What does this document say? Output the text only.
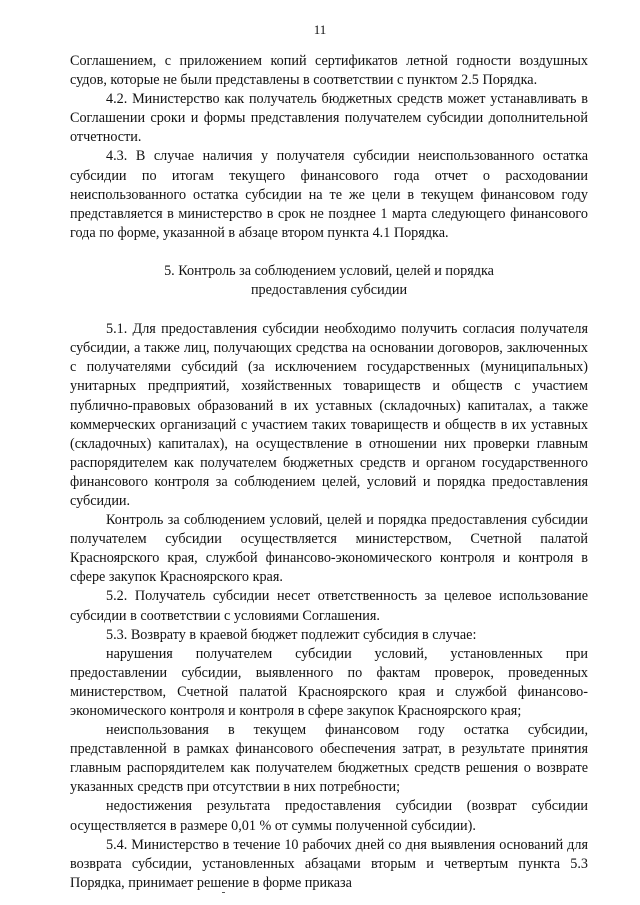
11

Соглашением, с приложением копий сертификатов летной годности воздушных судов, которые не были представлены в соответствии с пунктом 2.5 Порядка.

4.2. Министерство как получатель бюджетных средств может устанавливать в Соглашении сроки и формы представления получателем субсидии дополнительной отчетности.

4.3. В случае наличия у получателя субсидии неиспользованного остатка субсидии по итогам текущего финансового года отчет о расходовании неиспользованного остатка субсидии на те же цели в текущем финансовом году представляется в министерство в срок не позднее 1 марта следующего финансового года по форме, указанной в абзаце втором пункта 4.1 Порядка.

5. Контроль за соблюдением условий, целей и порядка
предоставления субсидии

5.1. Для предоставления субсидии необходимо получить согласия получателя субсидии, а также лиц, получающих средства на основании договоров, заключенных с получателями субсидий (за исключением государственных (муниципальных) унитарных предприятий, хозяйственных товариществ и обществ с участием публично-правовых образований в их уставных (складочных) капиталах, а также коммерческих организаций с участием таких товариществ и обществ в их уставных (складочных) капиталах), на осуществление в отношении них проверки главным распорядителем как получателем бюджетных средств и органом государственного финансового контроля за соблюдением целей, условий и порядка предоставления субсидии.

Контроль за соблюдением условий, целей и порядка предоставления субсидии получателем субсидии осуществляется министерством, Счетной палатой Красноярского края, службой финансово-экономического контроля и контроля в сфере закупок Красноярского края.

5.2. Получатель субсидии несет ответственность за целевое использование субсидии в соответствии с условиями Соглашения.

5.3. Возврату в краевой бюджет подлежит субсидия в случае:

нарушения получателем субсидии условий, установленных при предоставлении субсидии, выявленного по фактам проверок, проведенных министерством, Счетной палатой Красноярского края и службой финансово-экономического контроля и контроля в сфере закупок Красноярского края;

неиспользования в текущем финансовом году остатка субсидии, представленной в рамках финансового обеспечения затрат, в результате принятия главным распорядителем как получателем бюджетных средств решения о возврате указанных средств при отсутствии в них потребности;

недостижения результата предоставления субсидии (возврат субсидии осуществляется в размере 0,01 % от суммы полученной субсидии).

5.4. Министерство в течение 10 рабочих дней со дня выявления оснований для возврата субсидии, установленных абзацами вторым и четвертым пункта 5.3 Порядка, принимает решение в форме приказа
